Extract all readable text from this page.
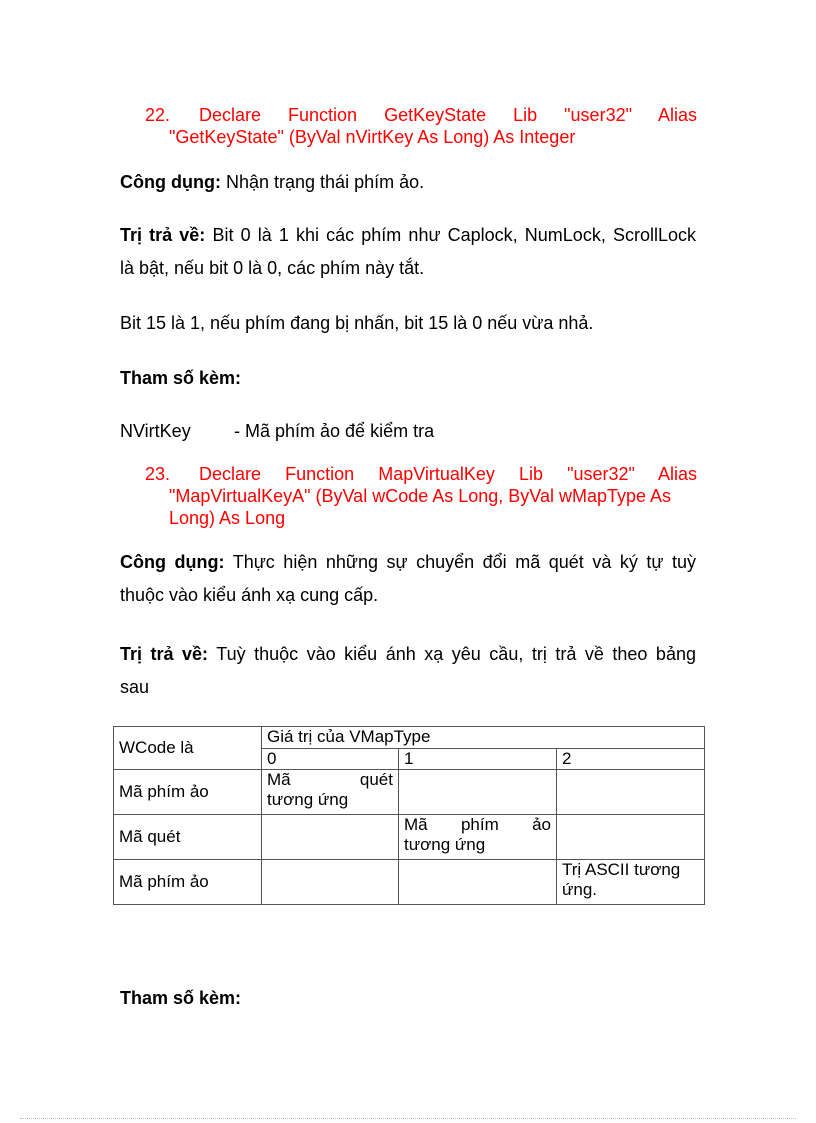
22. Declare Function GetKeyState Lib "user32" Alias
"GetKeyState" (ByVal nVirtKey As Long) As Integer
Công dụng: Nhận trạng thái phím ảo.
Trị trả về: Bit 0 là 1 khi các phím như Caplock, NumLock, ScrollLock
là bật, nếu bit 0 là 0, các phím này tắt.
Bit 15 là 1, nếu phím đang bị nhấn, bit 15 là 0 nếu vừa nhả.
Tham số kèm:
NVirtKey - Mã phím ảo để kiểm tra
23. Declare Function MapVirtualKey Lib "user32" Alias
"MapVirtualKeyA" (ByVal wCode As Long, ByVal wMapType As
Long) As Long
Công dụng: Thực hiện những sự chuyển đổi mã quét và ký tự tuỳ
thuộc vào kiểu ánh xạ cung cấp.
Trị trả về: Tuỳ thuộc vào kiểu ánh xạ yêu cầu, trị trả về theo bảng
sau
WCode là	Giá trị của VMapType		
	0	1	2
Mã phím ảo	Mã quét
tương ứng		

Mã quét		Mã phím ảo
tương ứng	

Mã phím ảo			Trị ASCII tương
ứng.
Tham số kèm:
